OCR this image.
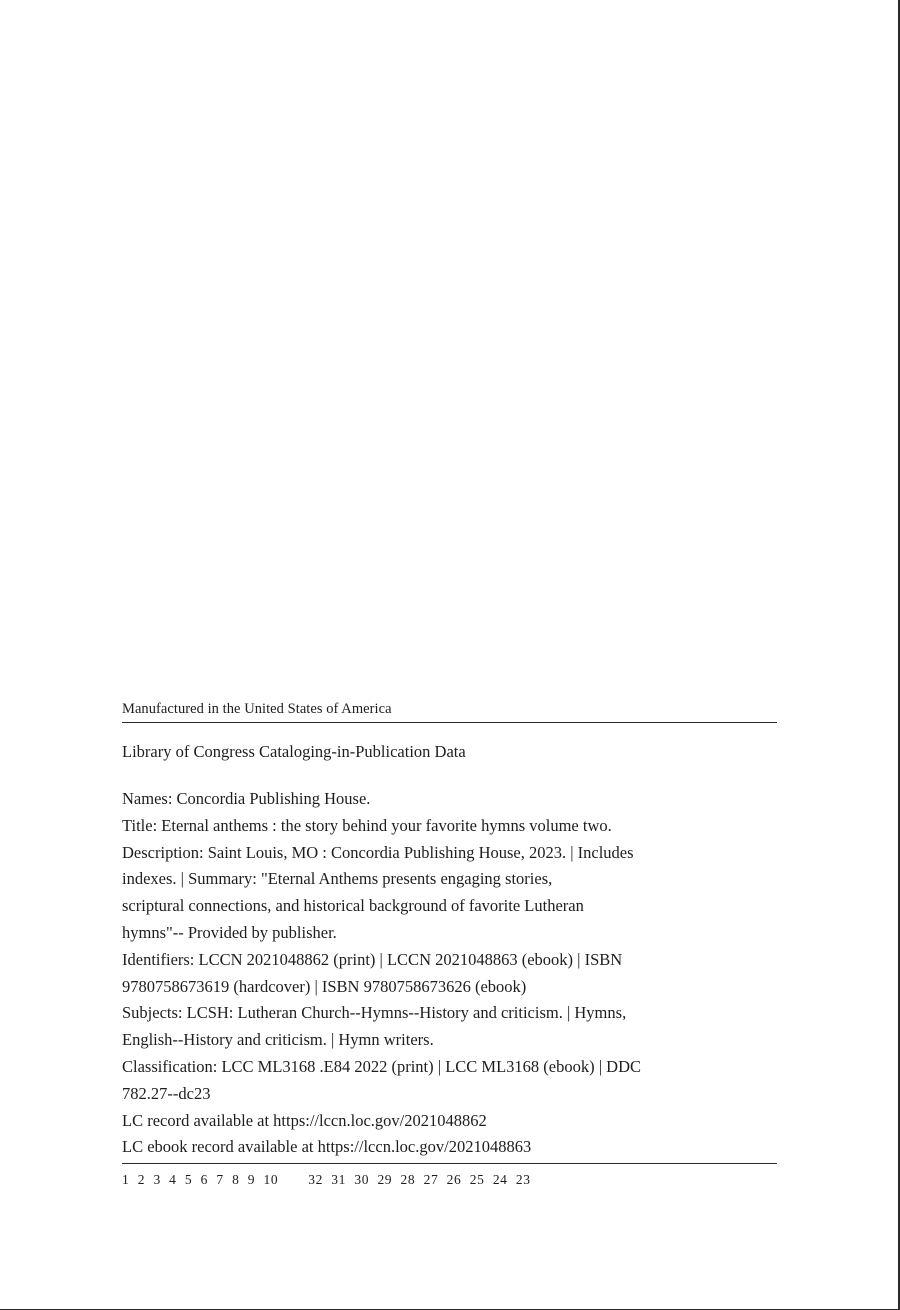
Manufactured in the United States of America
Library of Congress Cataloging-in-Publication Data
Names: Concordia Publishing House.
Title: Eternal anthems : the story behind your favorite hymns volume two.
Description: Saint Louis, MO : Concordia Publishing House, 2023. | Includes
indexes. | Summary: "Eternal Anthems presents engaging stories,
scriptural connections, and historical background of favorite Lutheran
hymns"-- Provided by publisher.
Identifiers: LCCN 2021048862 (print) | LCCN 2021048863 (ebook) | ISBN
9780758673619 (hardcover) | ISBN 9780758673626 (ebook)
Subjects: LCSH: Lutheran Church--Hymns--History and criticism. | Hymns,
English--History and criticism. | Hymn writers.
Classification: LCC ML3168 .E84 2022 (print) | LCC ML3168 (ebook) | DDC
782.27--dc23
LC record available at https://lccn.loc.gov/2021048862
LC ebook record available at https://lccn.loc.gov/2021048863
1 2 3 4 5 6 7 8 9 10 32 31 30 29 28 27 26 25 24 23
